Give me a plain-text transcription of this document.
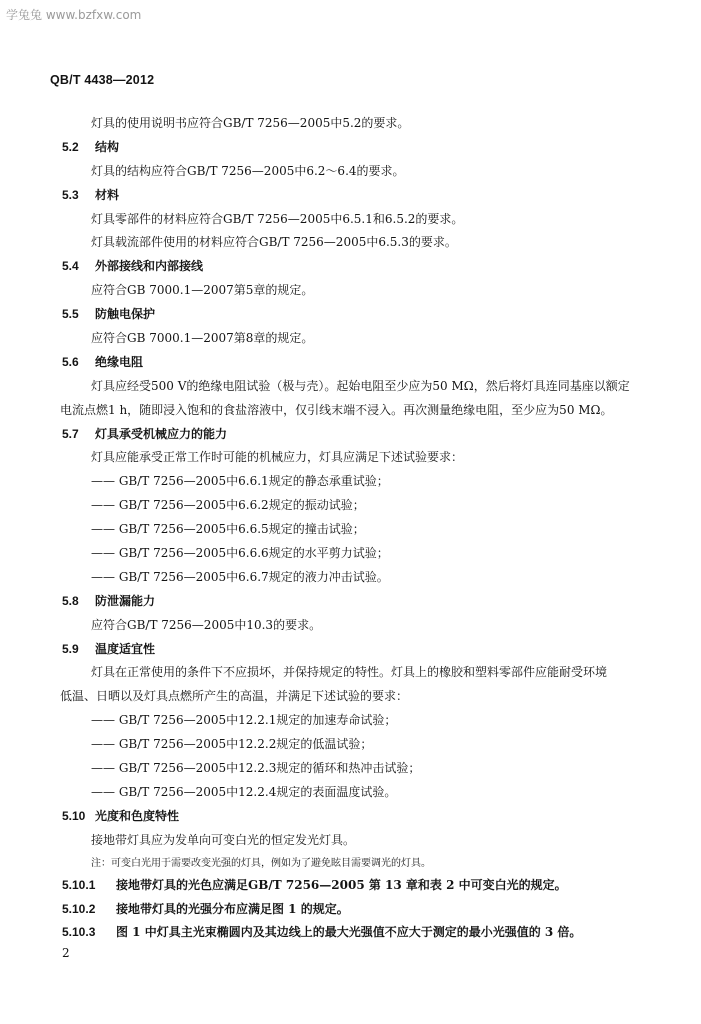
学兔兔 www.bzfxw.com
QB/T 4438—2012
灯具的使用说明书应符合GB/T 7256—2005中5.2的要求。
5.2 结构
灯具的结构应符合GB/T 7256—2005中6.2～6.4的要求。
5.3 材料
灯具零部件的材料应符合GB/T 7256—2005中6.5.1和6.5.2的要求。
灯具载流部件使用的材料应符合GB/T 7256—2005中6.5.3的要求。
5.4 外部接线和内部接线
应符合GB 7000.1—2007第5章的规定。
5.5 防触电保护
应符合GB 7000.1—2007第8章的规定。
5.6 绝缘电阻
灯具应经受500 V的绝缘电阻试验（极与壳）。起始电阻至少应为50 MΩ，然后将灯具连同基座以额定
电流点燃1 h，随即浸入饱和的食盐溶液中，仅引线末端不浸入。再次测量绝缘电阻，至少应为50 MΩ。
5.7 灯具承受机械应力的能力
灯具应能承受正常工作时可能的机械应力，灯具应满足下述试验要求：
—— GB/T 7256—2005中6.6.1规定的静态承重试验；
—— GB/T 7256—2005中6.6.2规定的振动试验；
—— GB/T 7256—2005中6.6.5规定的撞击试验；
—— GB/T 7256—2005中6.6.6规定的水平剪力试验；
—— GB/T 7256—2005中6.6.7规定的液力冲击试验。
5.8 防泄漏能力
应符合GB/T 7256—2005中10.3的要求。
5.9 温度适宜性
灯具在正常使用的条件下不应损坏，并保持规定的特性。灯具上的橡胶和塑料零部件应能耐受环境
低温、日晒以及灯具点燃所产生的高温，并满足下述试验的要求：
—— GB/T 7256—2005中12.2.1规定的加速寿命试验；
—— GB/T 7256—2005中12.2.2规定的低温试验；
—— GB/T 7256—2005中12.2.3规定的循环和热冲击试验；
—— GB/T 7256—2005中12.2.4规定的表面温度试验。
5.10 光度和色度特性
接地带灯具应为发单向可变白光的恒定发光灯具。
注：可变白光用于需要改变光强的灯具，例如为了避免眩目需要调光的灯具。
5.10.1 接地带灯具的光色应满足GB/T 7256—2005 第 13 章和表 2 中可变白光的规定。
5.10.2 接地带灯具的光强分布应满足图 1 的规定。
5.10.3 图 1 中灯具主光束椭圆内及其边线上的最大光强值不应大于测定的最小光强值的 3 倍。
2
